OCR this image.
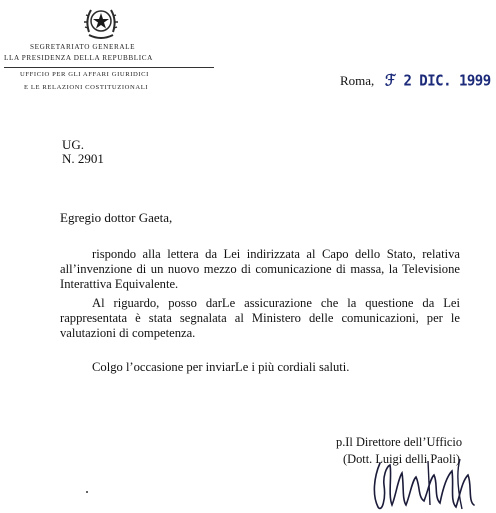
SEGRETARIATO GENERALE
LLA PRESIDENZA DELLA REPUBBLICA
UFFICIO PER GLI AFFARI GIURIDICI
E LE RELAZIONI COSTITUZIONALI	Roma, ℱ 2 DIC. 1999
UG.
N. 2901
Egregio dottor Gaeta,

rispondo alla lettera da Lei indirizzata al Capo dello Stato, relativa all’invenzione di un nuovo mezzo di comunicazione di massa, la Televisione Interattiva Equivalente.

Al riguardo, posso darLe assicurazione che la questione da Lei rappresentata è stata segnalata al Ministero delle comunicazioni, per le valutazioni di competenza.

Colgo l’occasione per inviarLe i più cordiali saluti.

p.Il Direttore dell’Ufficio
(Dott. Luigi delli Paoli)
